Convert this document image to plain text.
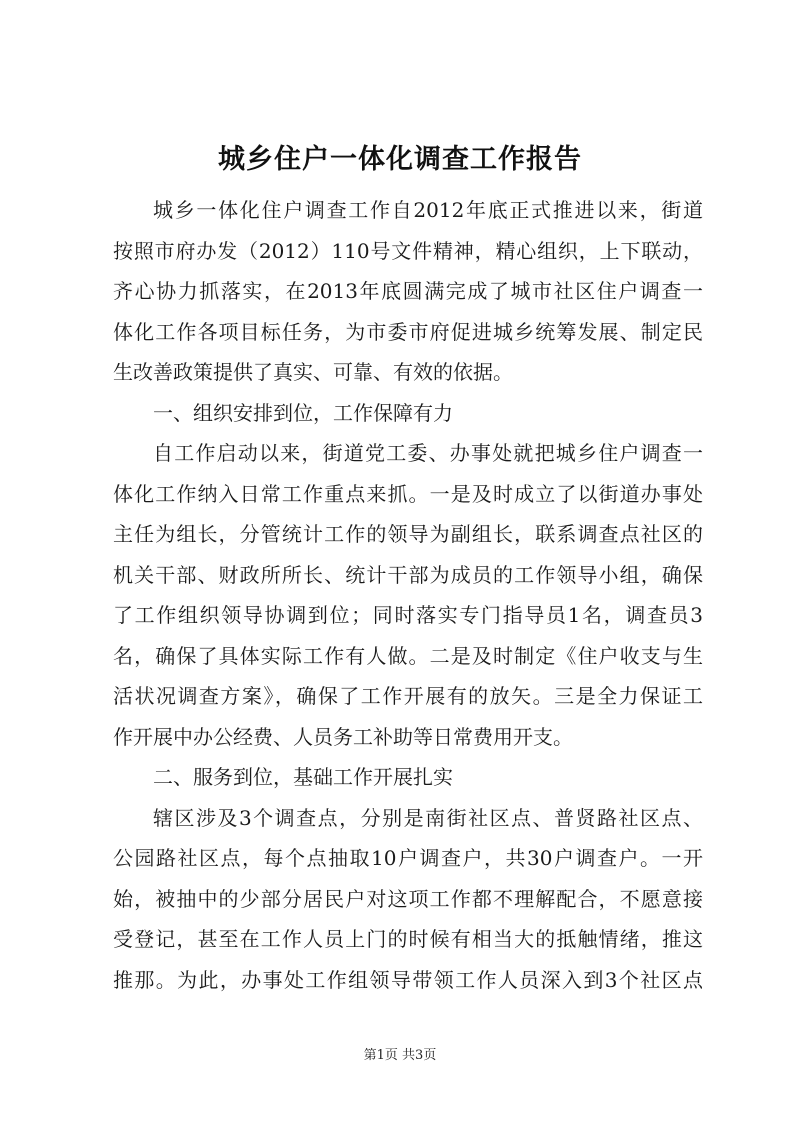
城乡住户一体化调查工作报告
城乡一体化住户调查工作自2012年底正式推进以来，街道
按照市府办发（2012）110号文件精神，精心组织，上下联动，
齐心协力抓落实，在2013年底圆满完成了城市社区住户调查一
体化工作各项目标任务，为市委市府促进城乡统筹发展、制定民
生改善政策提供了真实、可靠、有效的依据。
一、组织安排到位，工作保障有力
自工作启动以来，街道党工委、办事处就把城乡住户调查一
体化工作纳入日常工作重点来抓。一是及时成立了以街道办事处
主任为组长，分管统计工作的领导为副组长，联系调查点社区的
机关干部、财政所所长、统计干部为成员的工作领导小组，确保
了工作组织领导协调到位；同时落实专门指导员1名，调查员3
名，确保了具体实际工作有人做。二是及时制定《住户收支与生
活状况调查方案》，确保了工作开展有的放矢。三是全力保证工
作开展中办公经费、人员务工补助等日常费用开支。
二、服务到位，基础工作开展扎实
辖区涉及3个调查点，分别是南街社区点、普贤路社区点、
公园路社区点，每个点抽取10户调查户，共30户调查户。一开
始，被抽中的少部分居民户对这项工作都不理解配合，不愿意接
受登记，甚至在工作人员上门的时候有相当大的抵触情绪，推这
推那。为此，办事处工作组领导带领工作人员深入到3个社区点
第1页 共3页
